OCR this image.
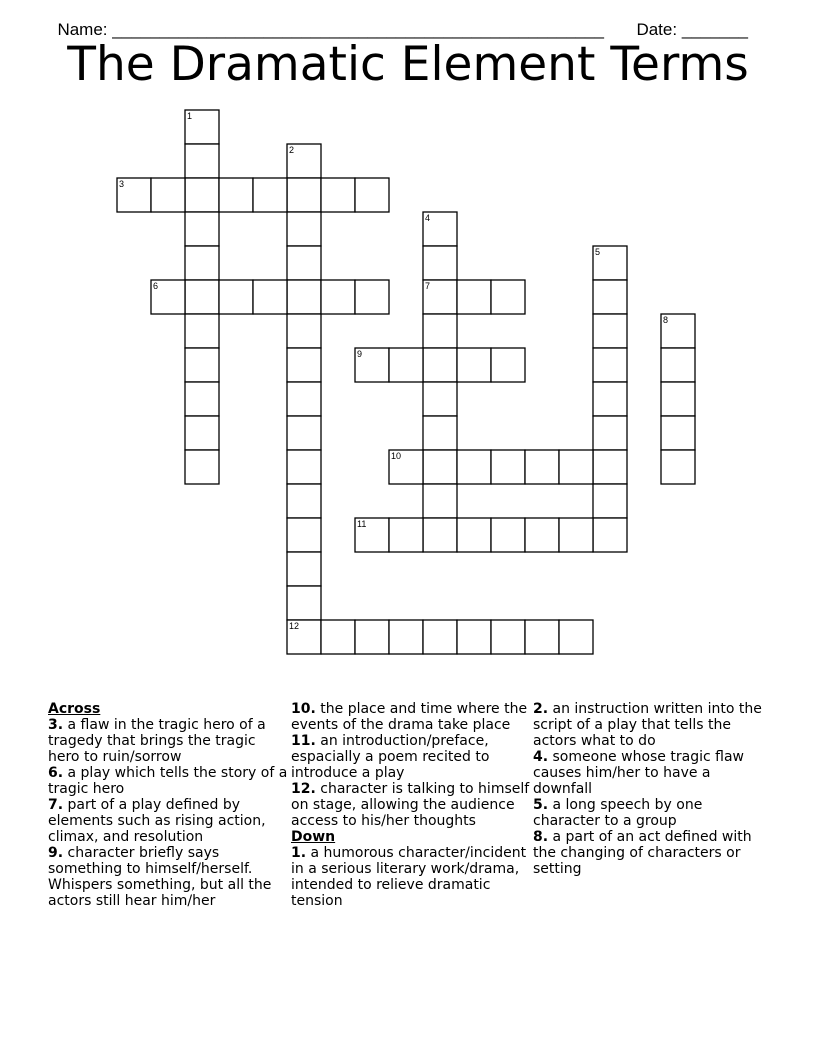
Name: ____________________________________________________	Date: _______

The Dramatic Element Terms
1
2
3
4
5
6	7
8
9
10
11
12
Across

3. a flaw in the tragic hero of a tragedy that brings the tragic hero to ruin/sorrow

6. a play which tells the story of a tragic hero

7. part of a play defined by elements such as rising action, climax, and resolution

9. character briefly says something to himself/herself. Whispers something, but all the actors still hear him/her

10. the place and time where the events of the drama take place

11. an introduction/preface, espacially a poem recited to introduce a play

12. character is talking to himself on stage, allowing the audience access to his/her thoughts

Down

1. a humorous character/incident in a serious literary work/drama, intended to relieve dramatic tension

2. an instruction written into the script of a play that tells the actors what to do

4. someone whose tragic flaw causes him/her to have a downfall

5. a long speech by one character to a group

8. a part of an act defined with the changing of characters or setting
